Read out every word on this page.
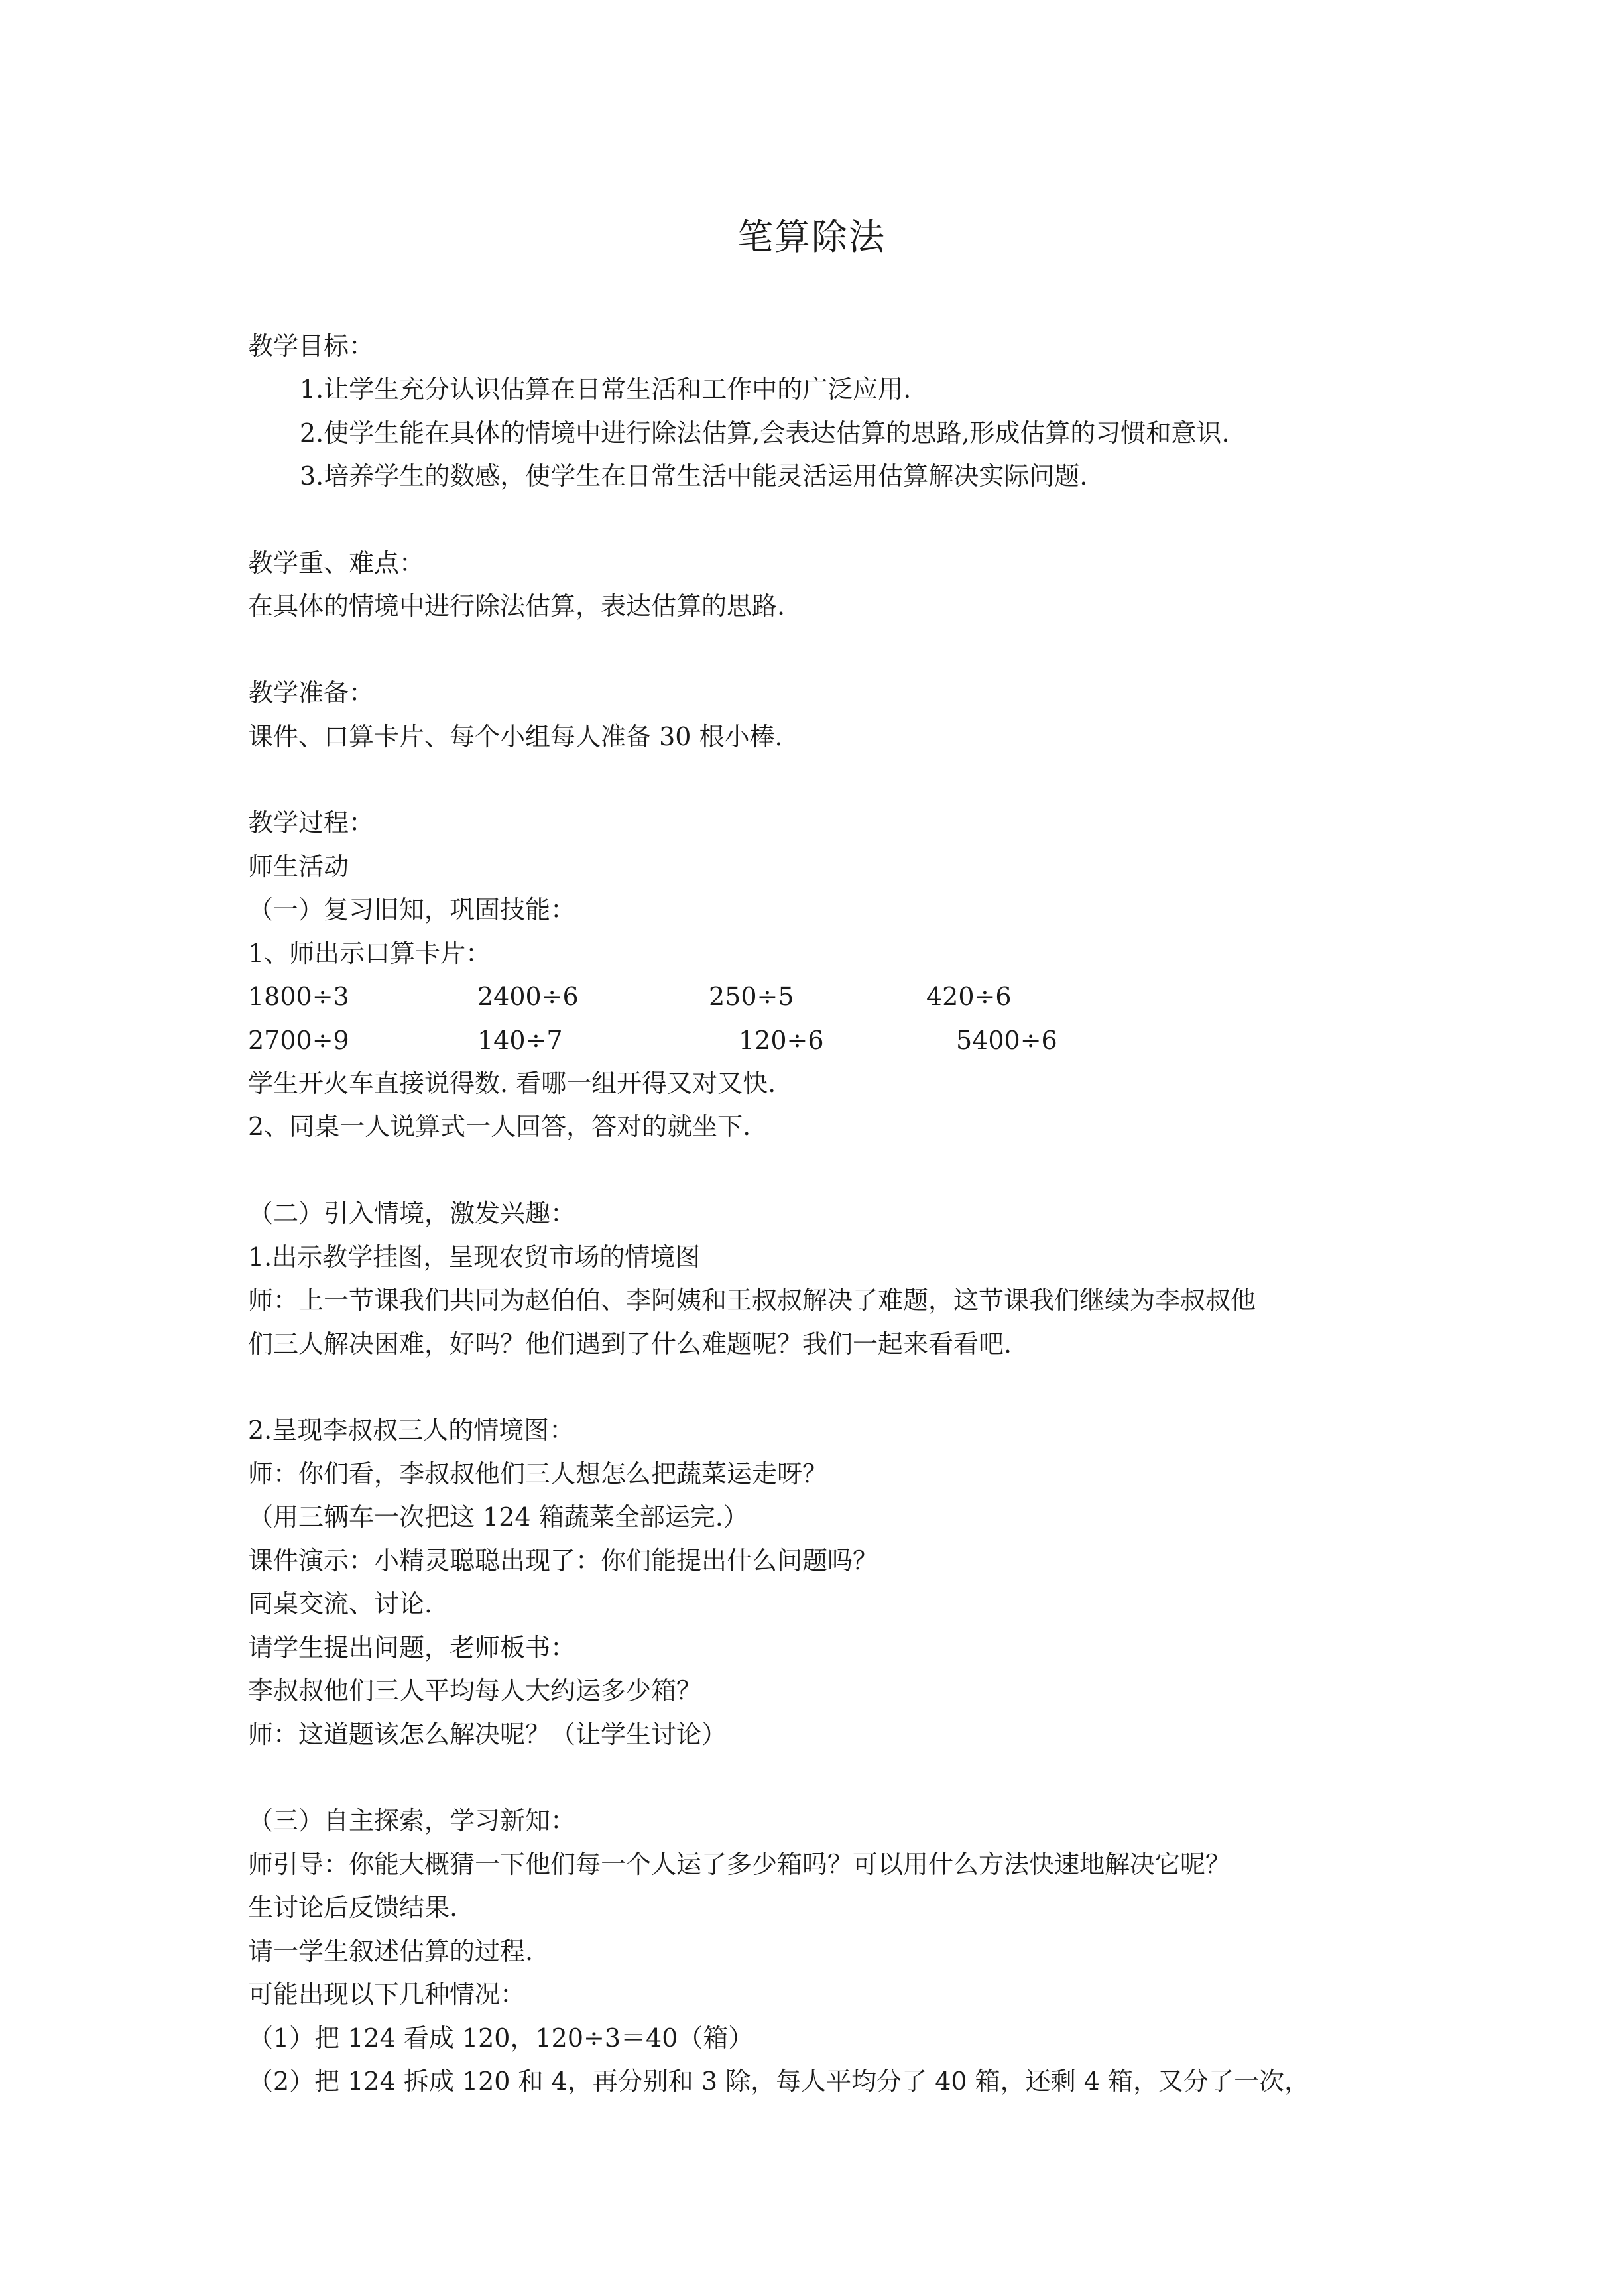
笔算除法
教学目标：
1.让学生充分认识估算在日常生活和工作中的广泛应用.
2.使学生能在具体的情境中进行除法估算,会表达估算的思路,形成估算的习惯和意识.
3.培养学生的数感，使学生在日常生活中能灵活运用估算解决实际问题.
教学重、难点：
在具体的情境中进行除法估算，表达估算的思路.
教学准备：
课件、口算卡片、每个小组每人准备 30 根小棒.
教学过程：
师生活动
（一）复习旧知，巩固技能：
1、师出示口算卡片：
1800÷3	2400÷6	250÷5	420÷6
2700÷9	140÷7	120÷6	5400÷6
学生开火车直接说得数. 看哪一组开得又对又快.
2、同桌一人说算式一人回答，答对的就坐下.
（二）引入情境，激发兴趣：
1.出示教学挂图，呈现农贸市场的情境图
师：上一节课我们共同为赵伯伯、李阿姨和王叔叔解决了难题，这节课我们继续为李叔叔他
们三人解决困难，好吗？他们遇到了什么难题呢？我们一起来看看吧.
2.呈现李叔叔三人的情境图：
师：你们看，李叔叔他们三人想怎么把蔬菜运走呀？
（用三辆车一次把这 124 箱蔬菜全部运完.）
课件演示：小精灵聪聪出现了：你们能提出什么问题吗？
同桌交流、讨论.
请学生提出问题，老师板书：
李叔叔他们三人平均每人大约运多少箱？
师：这道题该怎么解决呢？（让学生讨论）
（三）自主探索，学习新知：
师引导：你能大概猜一下他们每一个人运了多少箱吗？可以用什么方法快速地解决它呢？
生讨论后反馈结果.
请一学生叙述估算的过程.
可能出现以下几种情况：
（1）把 124 看成 120，120÷3＝40（箱）
（2）把 124 拆成 120 和 4，再分别和 3 除，每人平均分了 40 箱，还剩 4 箱，又分了一次，
